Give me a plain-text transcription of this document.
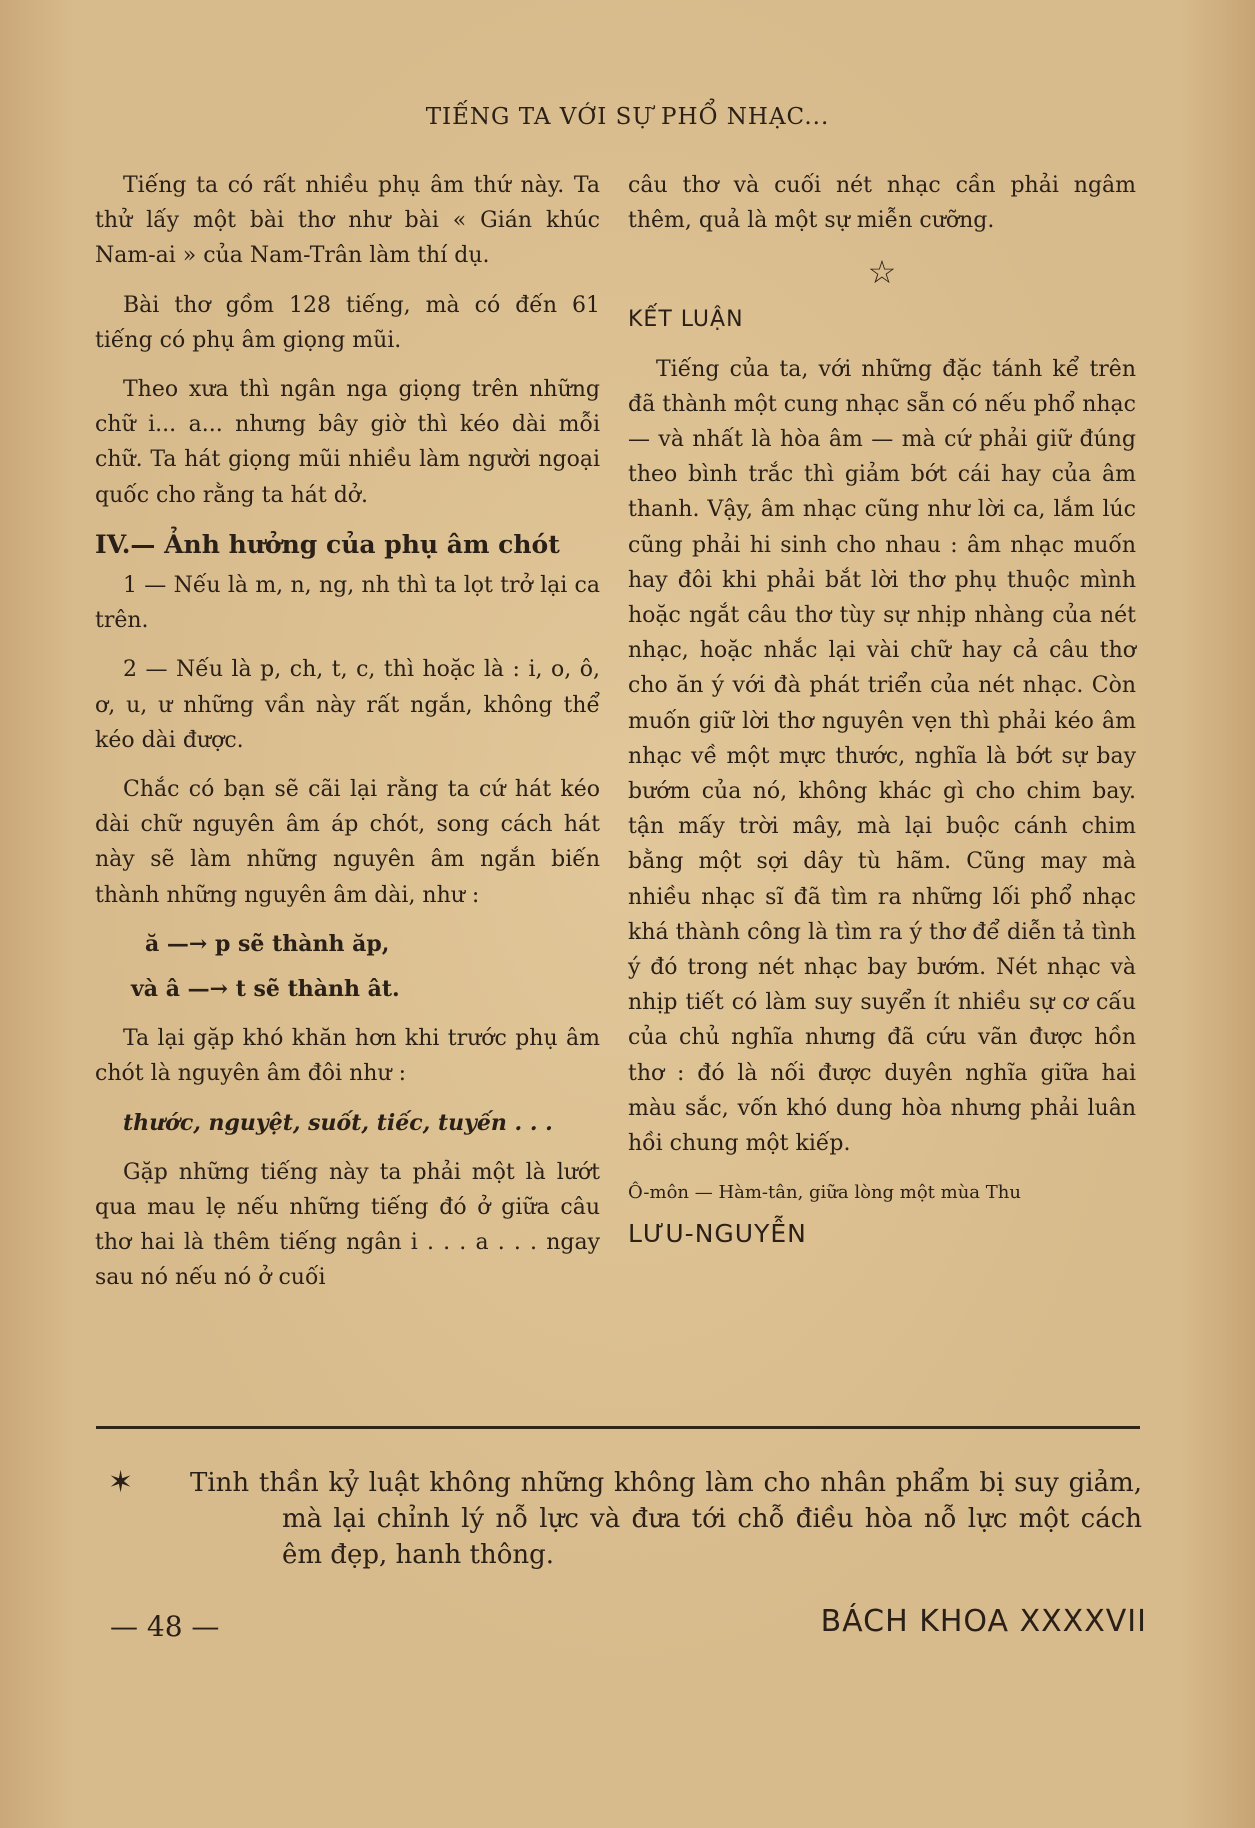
TIẾNG TA VỚI SỰ PHỔ NHẠC...

Tiếng ta có rất nhiều phụ âm thứ này. Ta thử lấy một bài thơ như bài « Gián khúc Nam-ai » của Nam-Trân làm thí dụ.

Bài thơ gồm 128 tiếng, mà có đến 61 tiếng có phụ âm giọng mũi.

Theo xưa thì ngân nga giọng trên những chữ i... a... nhưng bây giờ thì kéo dài mỗi chữ. Ta hát giọng mũi nhiều làm người ngoại quốc cho rằng ta hát dở.

IV.— Ảnh hưởng của phụ âm chót

1 — Nếu là m, n, ng, nh thì ta lọt trở lại ca trên.

2 — Nếu là p, ch, t, c, thì hoặc là : i, o, ô, ơ, u, ư những vần này rất ngắn, không thể kéo dài được.

Chắc có bạn sẽ cãi lại rằng ta cứ hát kéo dài chữ nguyên âm áp chót, song cách hát này sẽ làm những nguyên âm ngắn biến thành những nguyên âm dài, như :

ă —→ p sẽ thành ăp,

và â —→ t sẽ thành ât.

Ta lại gặp khó khăn hơn khi trước phụ âm chót là nguyên âm đôi như :

thước, nguyệt, suốt, tiếc, tuyến . . .

Gặp những tiếng này ta phải một là lướt qua mau lẹ nếu những tiếng đó ở giữa câu thơ hai là thêm tiếng ngân i . . . a . . . ngay sau nó nếu nó ở cuối

câu thơ và cuối nét nhạc cần phải ngâm thêm, quả là một sự miễn cưỡng.

☆

KẾT LUẬN

Tiếng của ta, với những đặc tánh kể trên đã thành một cung nhạc sẵn có nếu phổ nhạc — và nhất là hòa âm — mà cứ phải giữ đúng theo bình trắc thì giảm bớt cái hay của âm thanh. Vậy, âm nhạc cũng như lời ca, lắm lúc cũng phải hi sinh cho nhau : âm nhạc muốn hay đôi khi phải bắt lời thơ phụ thuộc mình hoặc ngắt câu thơ tùy sự nhịp nhàng của nét nhạc, hoặc nhắc lại vài chữ hay cả câu thơ cho ăn ý với đà phát triển của nét nhạc. Còn muốn giữ lời thơ nguyên vẹn thì phải kéo âm nhạc về một mực thước, nghĩa là bớt sự bay bướm của nó, không khác gì cho chim bay. tận mấy trời mây, mà lại buộc cánh chim bằng một sợi dây tù hãm. Cũng may mà nhiều nhạc sĩ đã tìm ra những lối phổ nhạc khá thành công là tìm ra ý thơ để diễn tả tình ý đó trong nét nhạc bay bướm. Nét nhạc và nhịp tiết có làm suy suyển ít nhiều sự cơ cấu của chủ nghĩa nhưng đã cứu vãn được hồn thơ : đó là nối được duyên nghĩa giữa hai màu sắc, vốn khó dung hòa nhưng phải luân hồi chung một kiếp.

Ô-môn — Hàm-tân, giữa lòng một mùa Thu

LƯU-NGUYỄN

✶ Tinh thần kỷ luật không những không làm cho nhân phẩm bị suy giảm, mà lại chỉnh lý nỗ lực và đưa tới chỗ điều hòa nỗ lực một cách êm đẹp, hanh thông.
— 48 —	BÁCH KHOA XXXXVII
